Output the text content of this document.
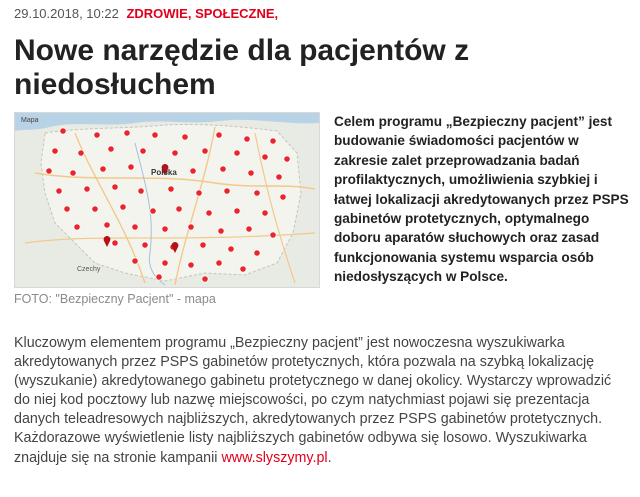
29.10.2018, 10:22 ZDROWIE, SPOŁECZNE,
Nowe narzędzie dla pacjentów z niedosłuchem
Mapa
Polska
Czechy
FOTO: "Bezpieczny Pacjent" - mapa
Celem programu „Bezpieczny pacjent” jest budowanie świadomości pacjentów w zakresie zalet przeprowadzania badań profilaktycznych, umożliwienia szybkiej i łatwej lokalizacji akredytowanych przez PSPS gabinetów protetycznych, optymalnego doboru aparatów słuchowych oraz zasad funkcjonowania systemu wsparcia osób niedosłyszących w Polsce.
Kluczowym elementem programu „Bezpieczny pacjent” jest nowoczesna wyszukiwarka akredytowanych przez PSPS gabinetów protetycznych, która pozwala na szybką lokalizację (wyszukanie) akredytowanego gabinetu protetycznego w danej okolicy. Wystarczy wprowadzić do niej kod pocztowy lub nazwę miejscowości, po czym natychmiast pojawi się prezentacja danych teleadresowych najbliższych, akredytowanych przez PSPS gabinetów protetycznych. Każdorazowe wyświetlenie listy najbliższych gabinetów odbywa się losowo. Wyszukiwarka znajduje się na stronie kampanii www.slyszymy.pl.
